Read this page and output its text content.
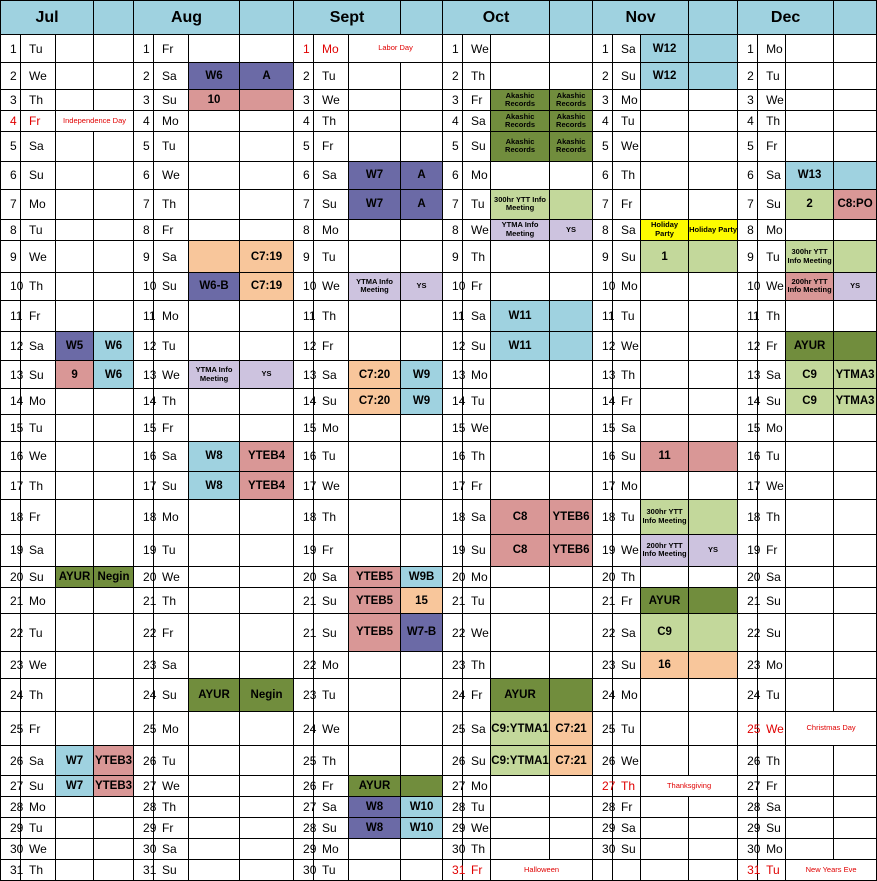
Jul				Aug				Sept				Oct				Nov				Dec			
1	Tu			1	Fr			1	Mo	Labor Day		1	We			1	Sa	W12		1	Mo		
2	We			2	Sa	W6	A	2	Tu			2	Th			2	Su	W12		2	Tu		
3	Th			3	Su	10		3	We			3	Fr	Akashic Records	Akashic Records	3	Mo			3	We		
4	Fr	Independence Day		4	Mo			4	Th			4	Sa	Akashic Records	Akashic Records	4	Tu			4	Th		
5	Sa			5	Tu			5	Fr			5	Su	Akashic Records	Akashic Records	5	We			5	Fr		
6	Su			6	We			6	Sa	W7	A	6	Mo			6	Th			6	Sa	W13	
7	Mo			7	Th			7	Su	W7	A	7	Tu	300hr YTT Info Meeting		7	Fr			7	Su	2	C8:PO
8	Tu			8	Fr			8	Mo			8	We	YTMA Info Meeting	YS	8	Sa	Holiday Party	Holiday Party	8	Mo		
9	We			9	Sa		C7:19	9	Tu			9	Th			9	Su	1		9	Tu	300hr YTT Info Meeting	
10	Th			10	Su	W6-B	C7:19	10	We	YTMA Info Meeting	YS	10	Fr			10	Mo			10	We	200hr YTT Info Meeting	YS
11	Fr			11	Mo			11	Th			11	Sa	W11		11	Tu			11	Th		
12	Sa	W5	W6	12	Tu			12	Fr			12	Su	W11		12	We			12	Fr	AYUR	
13	Su	9	W6	13	We	YTMA Info Meeting	YS	13	Sa	C7:20	W9	13	Mo			13	Th			13	Sa	C9	YTMA3
14	Mo			14	Th			14	Su	C7:20	W9	14	Tu			14	Fr			14	Su	C9	YTMA3
15	Tu			15	Fr			15	Mo			15	We			15	Sa			15	Mo		
16	We			16	Sa	W8	YTEB4	16	Tu			16	Th			16	Su	11		16	Tu		
17	Th			17	Su	W8	YTEB4	17	We			17	Fr			17	Mo			17	We		
18	Fr			18	Mo			18	Th			18	Sa	C8	YTEB6	18	Tu	300hr YTT Info Meeting		18	Th		
19	Sa			19	Tu			19	Fr			19	Su	C8	YTEB6	19	We	200hr YTT Info Meeting	YS	19	Fr		
20	Su	AYUR	Negin	20	We			20	Sa	YTEB5	W9B	20	Mo			20	Th			20	Sa		
21	Mo			21	Th			21	Su	YTEB5	15	21	Tu			21	Fr	AYUR		21	Su		
22	Tu			22	Fr			21	Su	YTEB5	W7-B	22	We			22	Sa	C9		22	Su		
23	We			23	Sa			22	Mo			23	Th			23	Su	16		23	Mo		
24	Th			24	Su	AYUR	Negin	23	Tu			24	Fr	AYUR		24	Mo			24	Tu		
25	Fr			25	Mo			24	We			25	Sa	C9:YTMA1	C7:21	25	Tu			25	We	Christmas Day	
26	Sa	W7	YTEB3	26	Tu			25	Th			26	Su	C9:YTMA1	C7:21	26	We			26	Th		
27	Su	W7	YTEB3	27	We			26	Fr	AYUR		27	Mo			27	Th	Thanksgiving		27	Fr		
28	Mo			28	Th			27	Sa	W8	W10	28	Tu			28	Fr			28	Sa		
29	Tu			29	Fr			28	Su	W8	W10	29	We			29	Sa			29	Su		
30	We			30	Sa			29	Mo			30	Th			30	Su			30	Mo		
31	Th			31	Su			30	Tu			31	Fr	Halloween						31	Tu	New Years Eve	
